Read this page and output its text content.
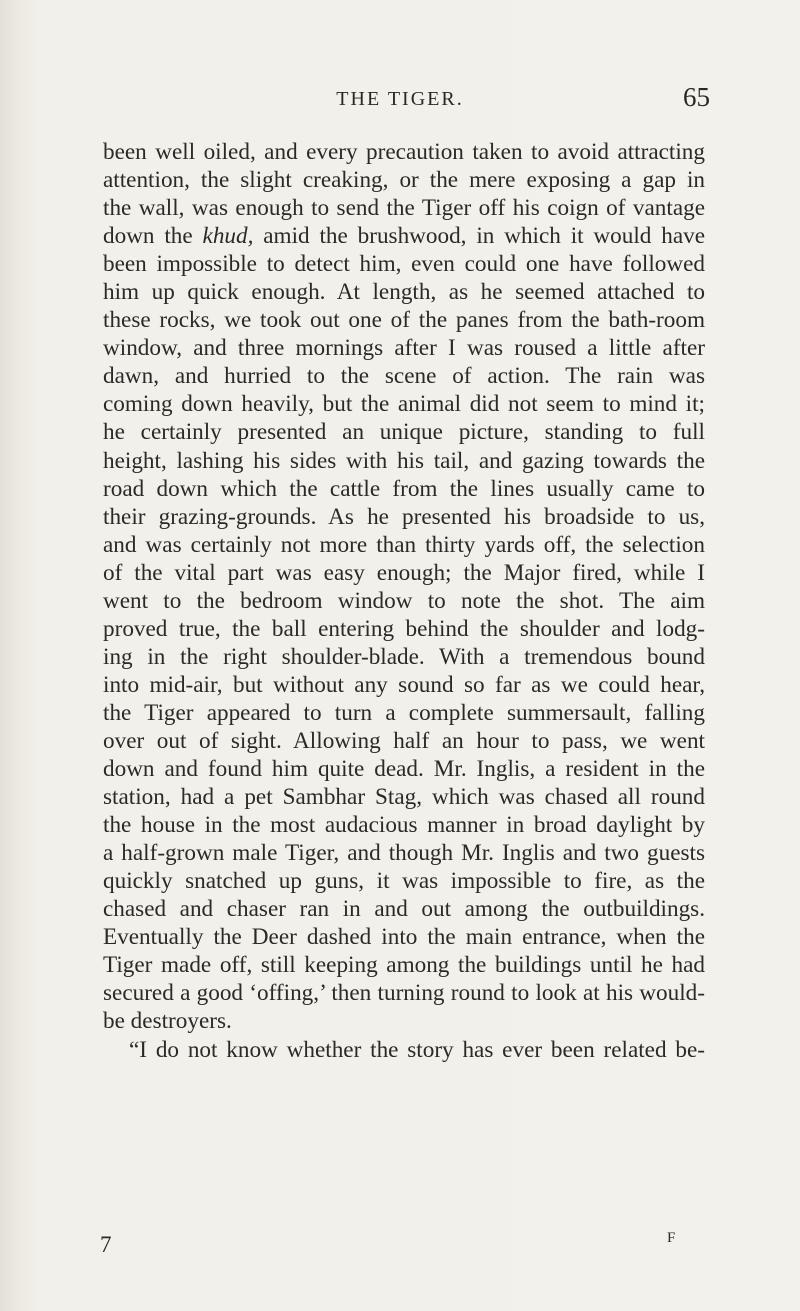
THE TIGER.	65
been well oiled, and every precaution taken to avoid attracting
attention, the slight creaking, or the mere exposing a gap in
the wall, was enough to send the Tiger off his coign of vantage
down the khud, amid the brushwood, in which it would have
been impossible to detect him, even could one have followed
him up quick enough. At length, as he seemed attached to
these rocks, we took out one of the panes from the bath-room
window, and three mornings after I was roused a little after
dawn, and hurried to the scene of action. The rain was
coming down heavily, but the animal did not seem to mind it;
he certainly presented an unique picture, standing to full
height, lashing his sides with his tail, and gazing towards the
road down which the cattle from the lines usually came to
their grazing-grounds. As he presented his broadside to us,
and was certainly not more than thirty yards off, the selection
of the vital part was easy enough; the Major fired, while I
went to the bedroom window to note the shot. The aim
proved true, the ball entering behind the shoulder and lodg-
ing in the right shoulder-blade. With a tremendous bound
into mid-air, but without any sound so far as we could hear,
the Tiger appeared to turn a complete summersault, falling
over out of sight. Allowing half an hour to pass, we went
down and found him quite dead. Mr. Inglis, a resident in the
station, had a pet Sambhar Stag, which was chased all round
the house in the most audacious manner in broad daylight by
a half-grown male Tiger, and though Mr. Inglis and two guests
quickly snatched up guns, it was impossible to fire, as the
chased and chaser ran in and out among the outbuildings.
Eventually the Deer dashed into the main entrance, when the
Tiger made off, still keeping among the buildings until he had
secured a good ‘offing,’ then turning round to look at his would-
be destroyers.
“I do not know whether the story has ever been related be-
7	F
